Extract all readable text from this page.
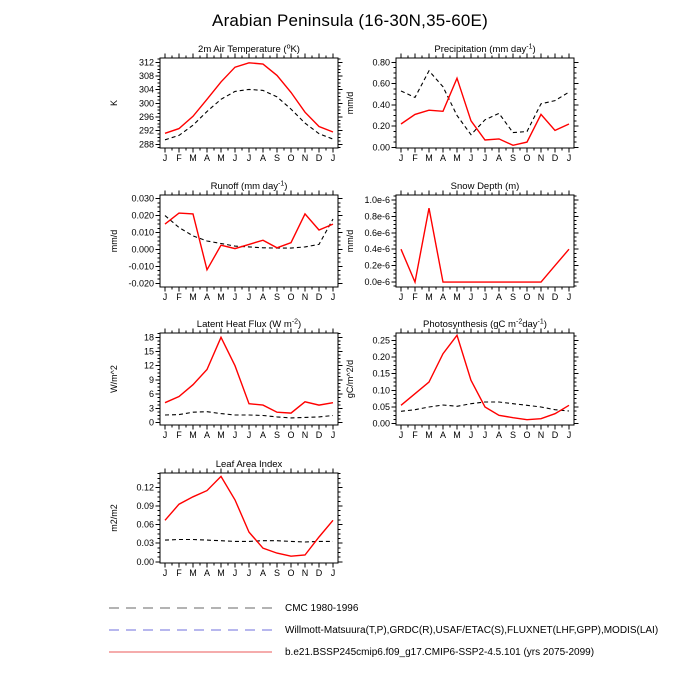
Arabian Peninsula (16-30N,35-60E)
288
292
296
300
304
308
312
J F M A M J J A S O N D J
2m Air Temperature ($^o$K)
K
0.00
0.20
0.40
0.60
0.80
J F M A M J J A S O N D J
Precipitation (mm day$^{-1}$)
mm/d
-0.020
-0.010
0.000
0.010
0.020
0.030
J F M A M J J A S O N D J
Runoff (mm day$^{-1}$)
mm/d
0.0e-6
0.2e-6
0.4e-6
0.6e-6
0.8e-6
1.0e-6
J F M A M J J A S O N D J
Snow Depth (m)
mm/d
0
3
6
9
12
15
18
J F M A M J J A S O N D J
Latent Heat Flux (W $m^{-2}$)
W/m^2
0.00
0.05
0.10
0.15
0.20
0.25
J F M A M J J A S O N D J
Photosynthesis (gC $m^{-2}day^{-1}$)
gC/m^2/d
0.00
0.03
0.06
0.09
0.12
J F M A M J J A S O N D J
Leaf Area Index
m2/m2
CMC 1980-1996
Willmott-Matsuura(T,P),GRDC(R),USAF/ETAC(S),FLUXNET(LHF,GPP),MODIS(LAI)
b.e21.BSSP245cmip6.f09_g17.CMIP6-SSP2-4.5.101 (yrs 2075-2099)
